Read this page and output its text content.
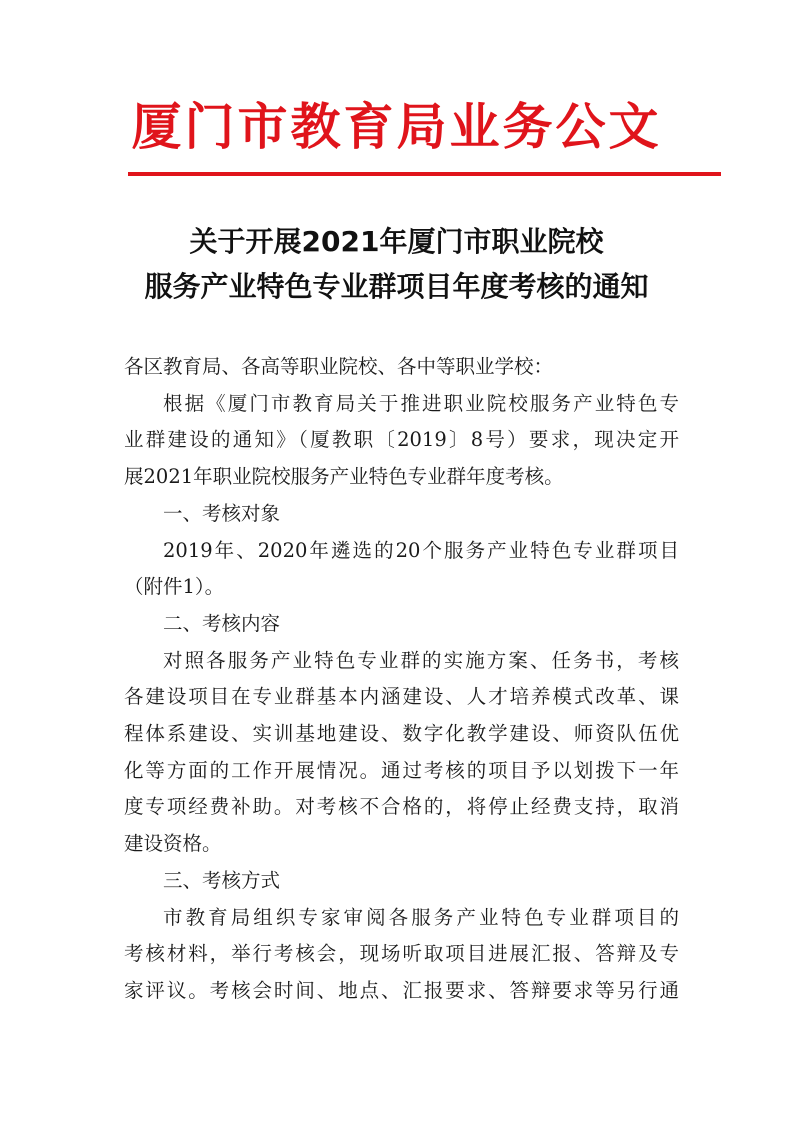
厦门市教育局业务公文
关于开展2021年厦门市职业院校
服务产业特色专业群项目年度考核的通知
各区教育局、各高等职业院校、各中等职业学校：
根据《厦门市教育局关于推进职业院校服务产业特色专
业群建设的通知》（厦教职〔2019〕8号）要求，现决定开
展2021年职业院校服务产业特色专业群年度考核。
一、考核对象
2019年、2020年遴选的20个服务产业特色专业群项目
（附件1）。
二、考核内容
对照各服务产业特色专业群的实施方案、任务书，考核
各建设项目在专业群基本内涵建设、人才培养模式改革、课
程体系建设、实训基地建设、数字化教学建设、师资队伍优
化等方面的工作开展情况。通过考核的项目予以划拨下一年
度专项经费补助。对考核不合格的，将停止经费支持，取消
建设资格。
三、考核方式
市教育局组织专家审阅各服务产业特色专业群项目的
考核材料，举行考核会，现场听取项目进展汇报、答辩及专
家评议。考核会时间、地点、汇报要求、答辩要求等另行通
